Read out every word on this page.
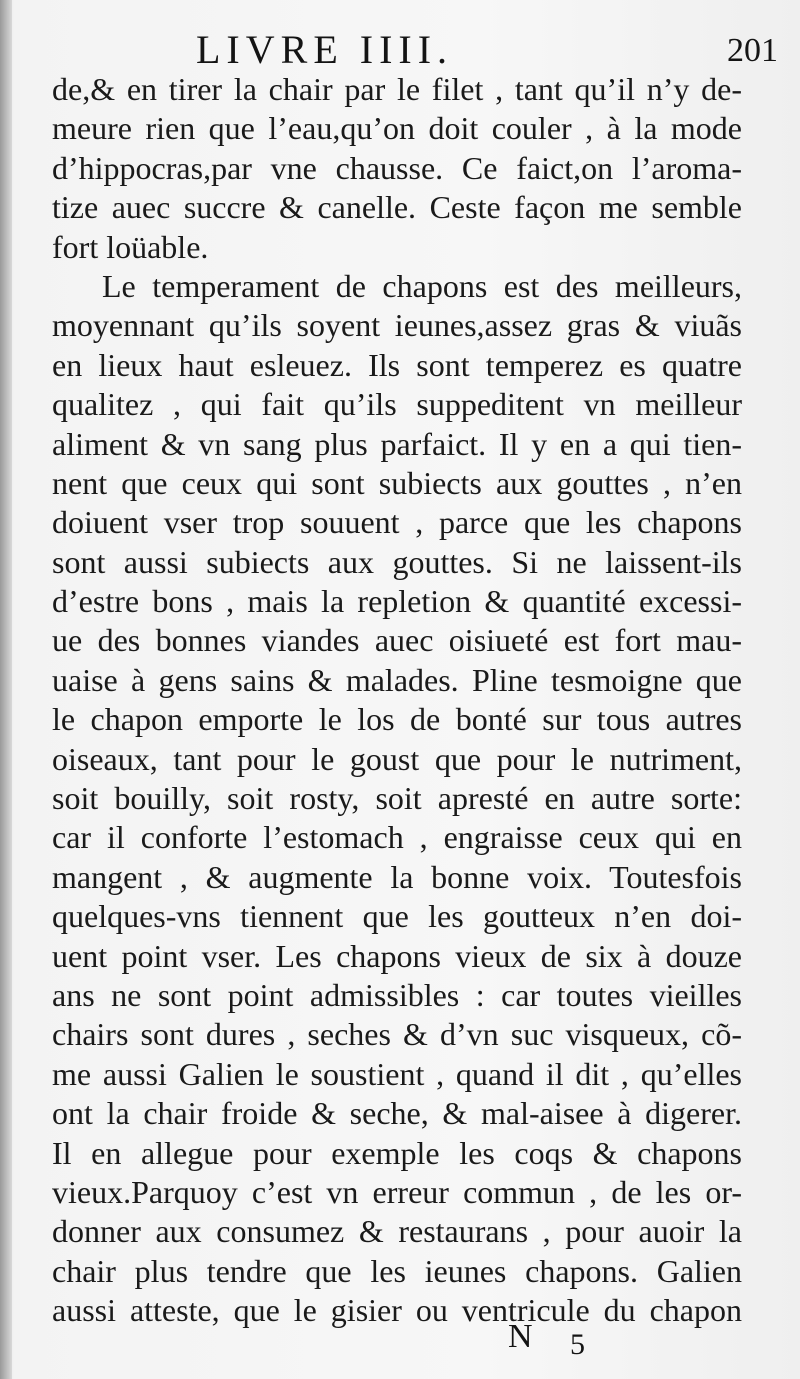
LIVRE IIII.	201
de,& en tirer la chair par le filet , tant qu’il n’y de-
meure rien que l’eau,qu’on doit couler , à la mode
d’hippocras,par vne chausse. Ce faict,on l’aroma-
tize auec succre & canelle. Ceste façon me semble
fort loüable.
Le temperament de chapons est des meilleurs,
moyennant qu’ils soyent ieunes,assez gras & viuãs
en lieux haut esleuez. Ils sont temperez es quatre
qualitez , qui fait qu’ils suppeditent vn meilleur
aliment & vn sang plus parfaict. Il y en a qui tien-
nent que ceux qui sont subiects aux gouttes , n’en
doiuent vser trop souuent , parce que les chapons
sont aussi subiects aux gouttes. Si ne laissent-ils
d’estre bons , mais la repletion & quantité excessi-
ue des bonnes viandes auec oisiueté est fort mau-
uaise à gens sains & malades. Pline tesmoigne que
le chapon emporte le los de bonté sur tous autres
oiseaux, tant pour le goust que pour le nutriment,
soit bouilly, soit rosty, soit apresté en autre sorte:
car il conforte l’estomach , engraisse ceux qui en
mangent , & augmente la bonne voix. Toutesfois
quelques-vns tiennent que les goutteux n’en doi-
uent point vser. Les chapons vieux de six à douze
ans ne sont point admissibles : car toutes vieilles
chairs sont dures , seches & d’vn suc visqueux, cõ-
me aussi Galien le soustient , quand il dit , qu’elles
ont la chair froide & seche, & mal-aisee à digerer.
Il en allegue pour exemple les coqs & chapons
vieux.Parquoy c’est vn erreur commun , de les or-
donner aux consumez & restaurans , pour auoir la
chair plus tendre que les ieunes chapons. Galien
aussi atteste, que le gisier ou ventricule du chapon
N 5
